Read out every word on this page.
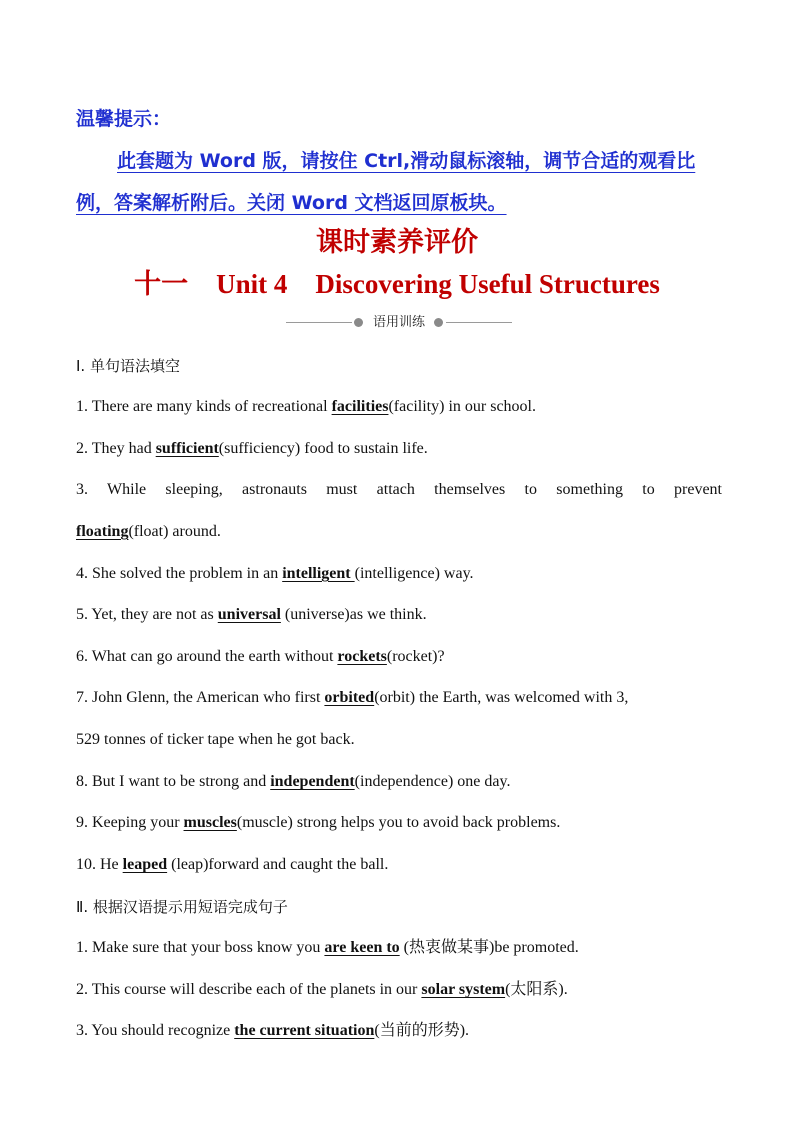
温馨提示：
此套题为 Word 版，请按住 Ctrl,滑动鼠标滚轴，调节合适的观看比例，答案解析附后。关闭 Word 文档返回原板块。
课时素养评价
十一 Unit 4 Discovering Useful Structures
语用训练
Ⅰ. 单句语法填空
1. There are many kinds of recreational facilities(facility) in our school.
2. They had sufficient(sufficiency) food to sustain life.
3. While sleeping, astronauts must attach themselves to something to prevent
floating(float) around.
4. She solved the problem in an intelligent (intelligence) way.
5. Yet, they are not as universal (universe)as we think.
6. What can go around the earth without rockets(rocket)?
7. John Glenn, the American who first orbited(orbit) the Earth, was welcomed with 3,
529 tonnes of ticker tape when he got back.
8. But I want to be strong and independent(independence) one day.
9. Keeping your muscles(muscle) strong helps you to avoid back problems.
10. He leaped (leap)forward and caught the ball.
Ⅱ. 根据汉语提示用短语完成句子
1. Make sure that your boss know you are keen to (热衷做某事)be promoted.
2. This course will describe each of the planets in our solar system(太阳系).
3. You should recognize the current situation(当前的形势).
